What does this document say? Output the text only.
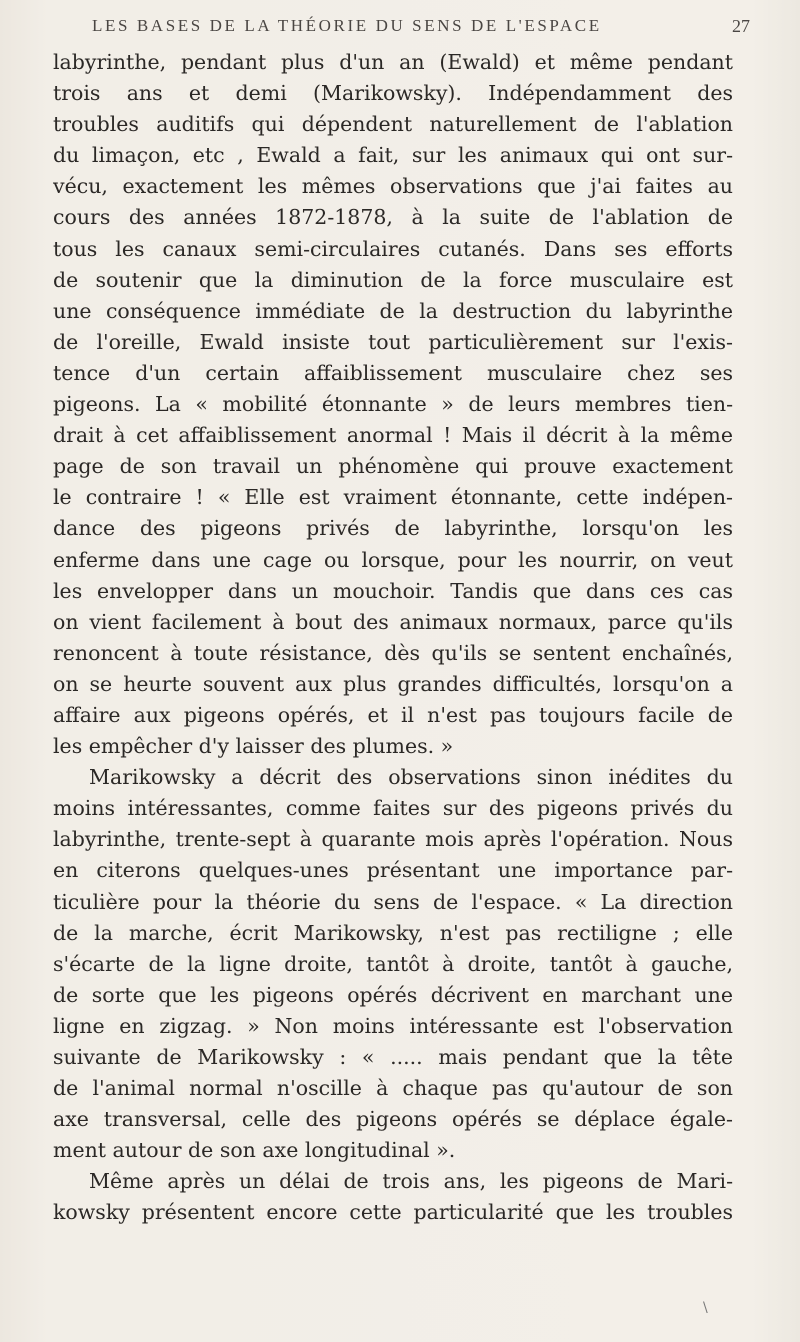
LES BASES DE LA THÉORIE DU SENS DE L'ESPACE	27
labyrinthe, pendant plus d'un an (Ewald) et même pendant
trois ans et demi (Marikowsky). Indépendamment des
troubles auditifs qui dépendent naturellement de l'ablation
du limaçon, etc , Ewald a fait, sur les animaux qui ont sur-
vécu, exactement les mêmes observations que j'ai faites au
cours des années 1872-1878, à la suite de l'ablation de
tous les canaux semi-circulaires cutanés. Dans ses efforts
de soutenir que la diminution de la force musculaire est
une conséquence immédiate de la destruction du labyrinthe
de l'oreille, Ewald insiste tout particulièrement sur l'exis-
tence d'un certain affaiblissement musculaire chez ses
pigeons. La « mobilité étonnante » de leurs membres tien-
drait à cet affaiblissement anormal ! Mais il décrit à la même
page de son travail un phénomène qui prouve exactement
le contraire ! « Elle est vraiment étonnante, cette indépen-
dance des pigeons privés de labyrinthe, lorsqu'on les
enferme dans une cage ou lorsque, pour les nourrir, on veut
les envelopper dans un mouchoir. Tandis que dans ces cas
on vient facilement à bout des animaux normaux, parce qu'ils
renoncent à toute résistance, dès qu'ils se sentent enchaînés,
on se heurte souvent aux plus grandes difficultés, lorsqu'on a
affaire aux pigeons opérés, et il n'est pas toujours facile de
les empêcher d'y laisser des plumes. »
Marikowsky a décrit des observations sinon inédites du
moins intéressantes, comme faites sur des pigeons privés du
labyrinthe, trente-sept à quarante mois après l'opération. Nous
en citerons quelques-unes présentant une importance par-
ticulière pour la théorie du sens de l'espace. « La direction
de la marche, écrit Marikowsky, n'est pas rectiligne ; elle
s'écarte de la ligne droite, tantôt à droite, tantôt à gauche,
de sorte que les pigeons opérés décrivent en marchant une
ligne en zigzag. » Non moins intéressante est l'observation
suivante de Marikowsky : « ..... mais pendant que la tête
de l'animal normal n'oscille à chaque pas qu'autour de son
axe transversal, celle des pigeons opérés se déplace égale-
ment autour de son axe longitudinal ».
Même après un délai de trois ans, les pigeons de Mari-
kowsky présentent encore cette particularité que les troubles
\
